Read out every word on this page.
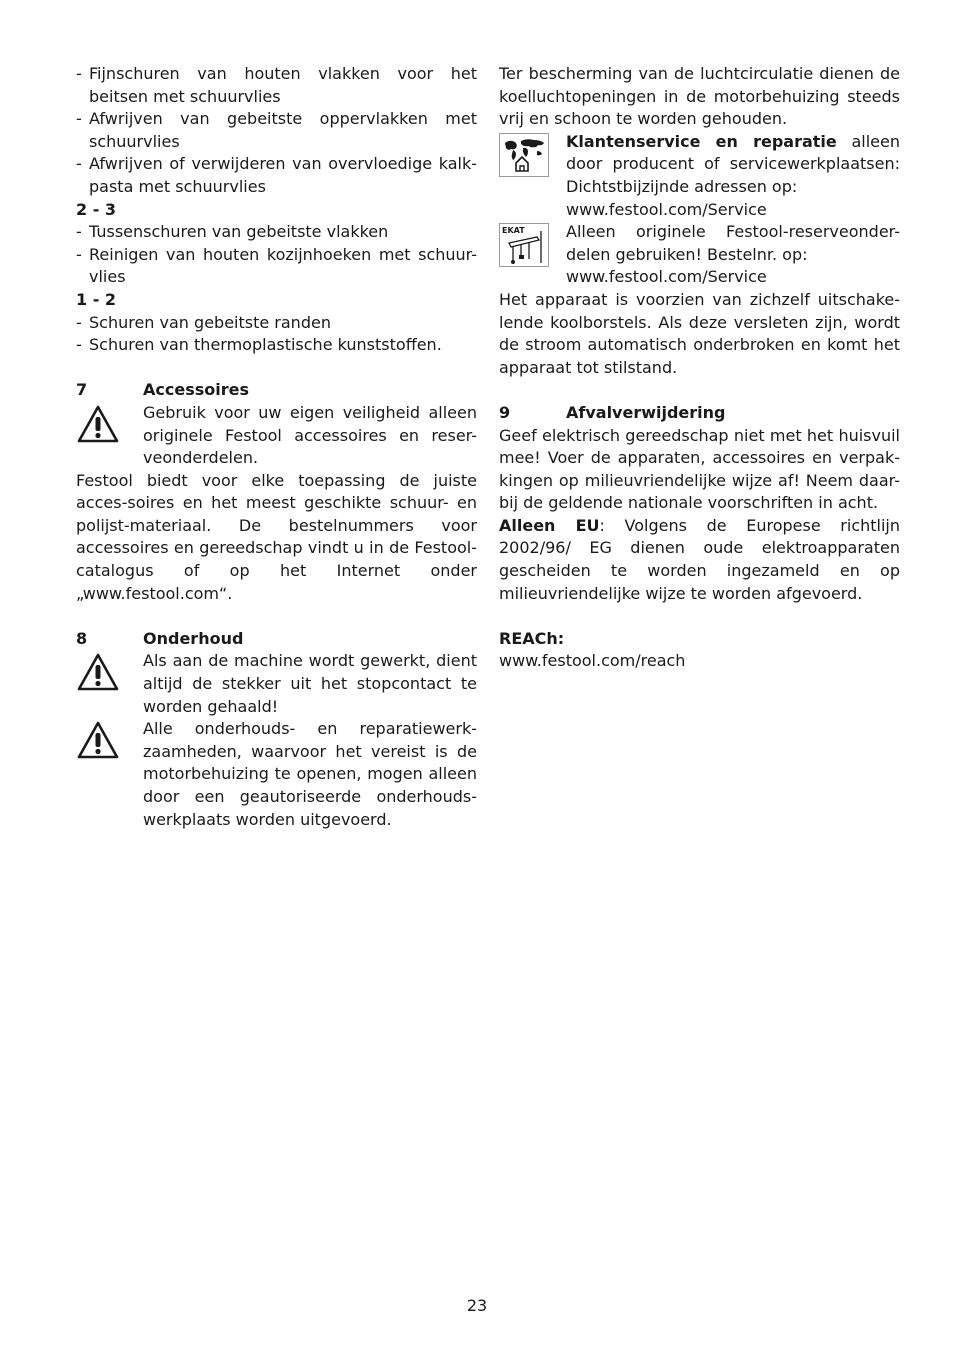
- Fijnschuren van houten vlakken voor het beitsen met schuurvlies
- Afwrijven van gebeitste oppervlakken met schuurvlies
- Afwrijven of verwijderen van overvloedige kalk-pasta met schuurvlies
2 - 3
- Tussenschuren van gebeitste vlakken
- Reinigen van houten kozijnhoeken met schuur-vlies
1 - 2
- Schuren van gebeitste randen
- Schuren van thermoplastische kunststoffen.
7	Accessoires
Gebruik voor uw eigen veiligheid alleen originele Festool accessoires en reser-veonderdelen.
Festool biedt voor elke toepassing de juiste acces-soires en het meest geschikte schuur- en polijst-materiaal. De bestelnummers voor accessoires en gereedschap vindt u in de Festool-catalogus of op het Internet onder „www.festool.com“.
8	Onderhoud
Als aan de machine wordt gewerkt, dient altijd de stekker uit het stopcontact te worden gehaald!
Alle onderhouds- en reparatiewerk-zaamheden, waarvoor het vereist is de motorbehuizing te openen, mogen alleen door een geautoriseerde onderhouds-werkplaats worden uitgevoerd.
Ter bescherming van de luchtcirculatie dienen de koelluchtopeningen in de motorbehuizing steeds vrij en schoon te worden gehouden.
Klantenservice en reparatie alleen door producent of servicewerkplaatsen: Dichtstbijzijnde adressen op:
www.festool.com/Service
EKAT	Alleen originele Festool-reserveonder-delen gebruiken! Bestelnr. op:
www.festool.com/Service
Het apparaat is voorzien van zichzelf uitschake-lende koolborstels. Als deze versleten zijn, wordt de stroom automatisch onderbroken en komt het apparaat tot stilstand.
9	Afvalverwijdering
Geef elektrisch gereedschap niet met het huisvuil mee! Voer de apparaten, accessoires en verpak-kingen op milieuvriendelijke wijze af! Neem daar-bij de geldende nationale voorschriften in acht.
Alleen EU: Volgens de Europese richtlijn 2002/96/ EG dienen oude elektroapparaten gescheiden te worden ingezameld en op milieuvriendelijke wijze te worden afgevoerd.
REACh:
www.festool.com/reach
23
